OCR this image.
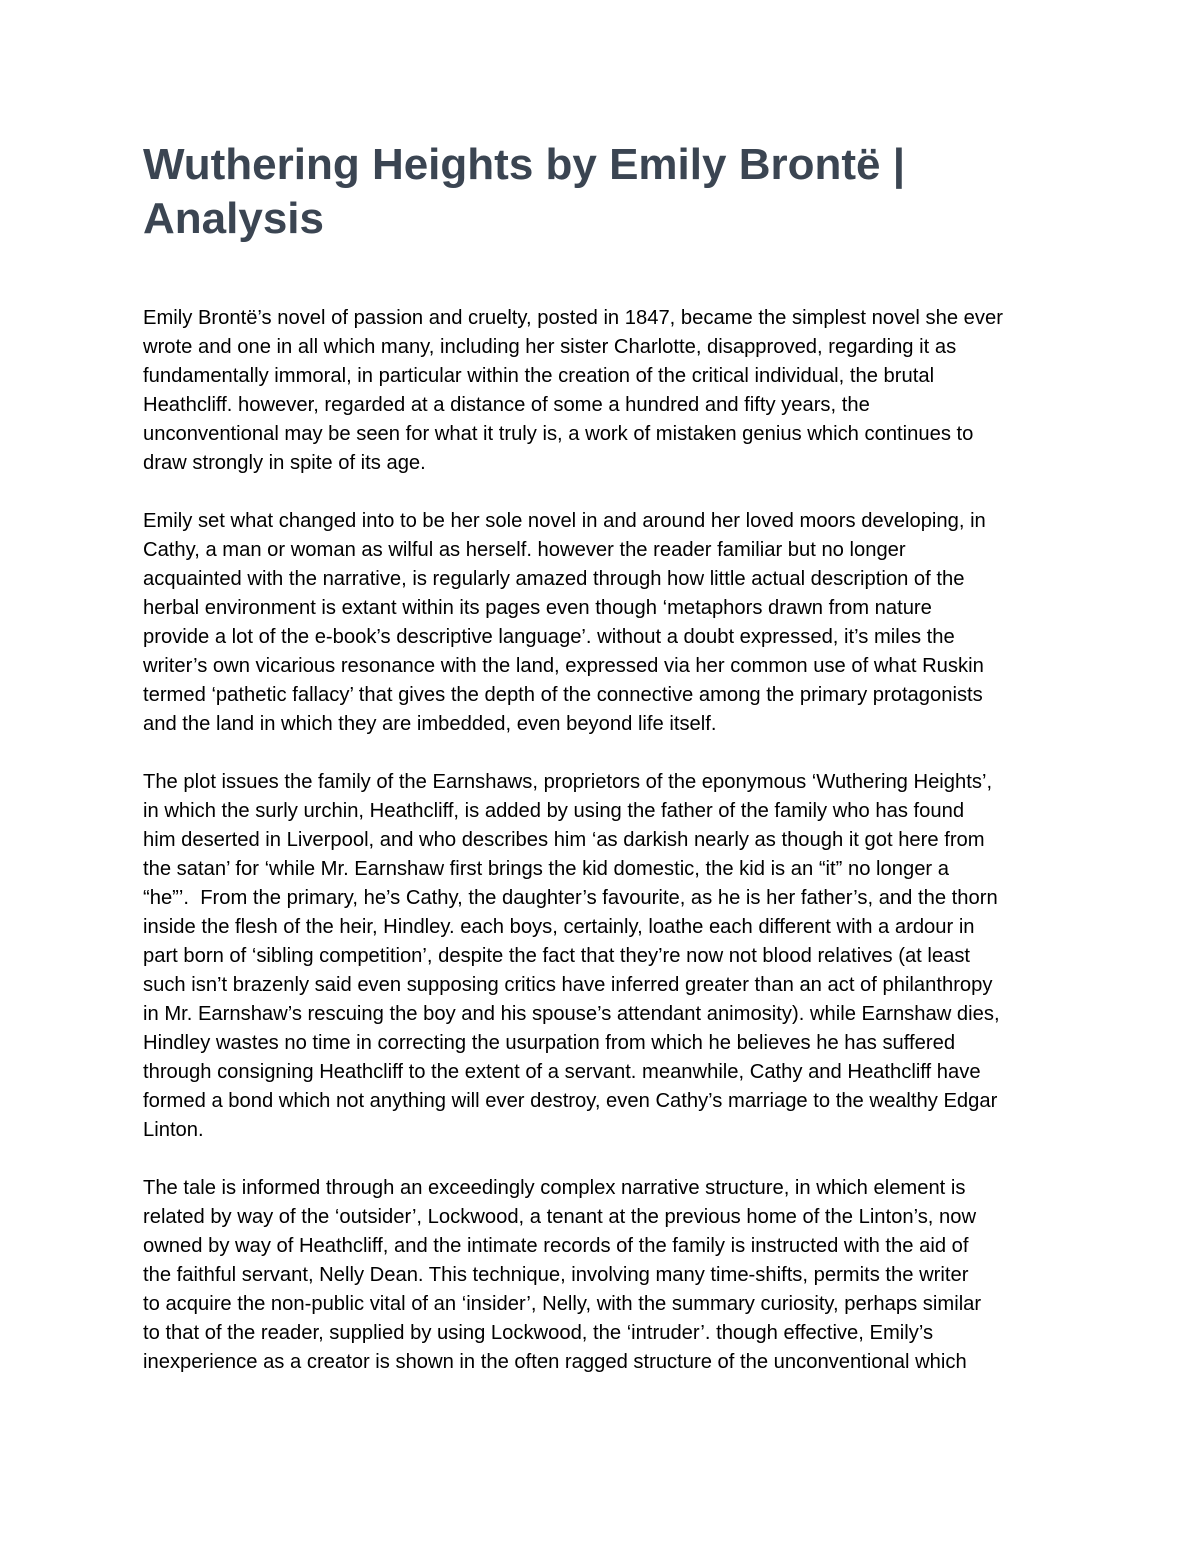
Wuthering Heights by Emily Brontë |
Analysis

Emily Brontë’s novel of passion and cruelty, posted in 1847, became the simplest novel she ever
wrote and one in all which many, including her sister Charlotte, disapproved, regarding it as
fundamentally immoral, in particular within the creation of the critical individual, the brutal
Heathcliff. however, regarded at a distance of some a hundred and fifty years, the
unconventional may be seen for what it truly is, a work of mistaken genius which continues to
draw strongly in spite of its age.

Emily set what changed into to be her sole novel in and around her loved moors developing, in
Cathy, a man or woman as wilful as herself. however the reader familiar but no longer
acquainted with the narrative, is regularly amazed through how little actual description of the
herbal environment is extant within its pages even though ‘metaphors drawn from nature
provide a lot of the e-book’s descriptive language’. without a doubt expressed, it’s miles the
writer’s own vicarious resonance with the land, expressed via her common use of what Ruskin
termed ‘pathetic fallacy’ that gives the depth of the connective among the primary protagonists
and the land in which they are imbedded, even beyond life itself.

The plot issues the family of the Earnshaws, proprietors of the eponymous ‘Wuthering Heights’,
in which the surly urchin, Heathcliff, is added by using the father of the family who has found
him deserted in Liverpool, and who describes him ‘as darkish nearly as though it got here from
the satan’ for ‘while Mr. Earnshaw first brings the kid domestic, the kid is an “it” no longer a
“he”’.  From the primary, he’s Cathy, the daughter’s favourite, as he is her father’s, and the thorn
inside the flesh of the heir, Hindley. each boys, certainly, loathe each different with a ardour in
part born of ‘sibling competition’, despite the fact that they’re now not blood relatives (at least
such isn’t brazenly said even supposing critics have inferred greater than an act of philanthropy
in Mr. Earnshaw’s rescuing the boy and his spouse’s attendant animosity). while Earnshaw dies,
Hindley wastes no time in correcting the usurpation from which he believes he has suffered
through consigning Heathcliff to the extent of a servant. meanwhile, Cathy and Heathcliff have
formed a bond which not anything will ever destroy, even Cathy’s marriage to the wealthy Edgar
Linton.

The tale is informed through an exceedingly complex narrative structure, in which element is
related by way of the ‘outsider’, Lockwood, a tenant at the previous home of the Linton’s, now
owned by way of Heathcliff, and the intimate records of the family is instructed with the aid of
the faithful servant, Nelly Dean. This technique, involving many time-shifts, permits the writer
to acquire the non-public vital of an ‘insider’, Nelly, with the summary curiosity, perhaps similar
to that of the reader, supplied by using Lockwood, the ‘intruder’. though effective, Emily’s
inexperience as a creator is shown in the often ragged structure of the unconventional which
